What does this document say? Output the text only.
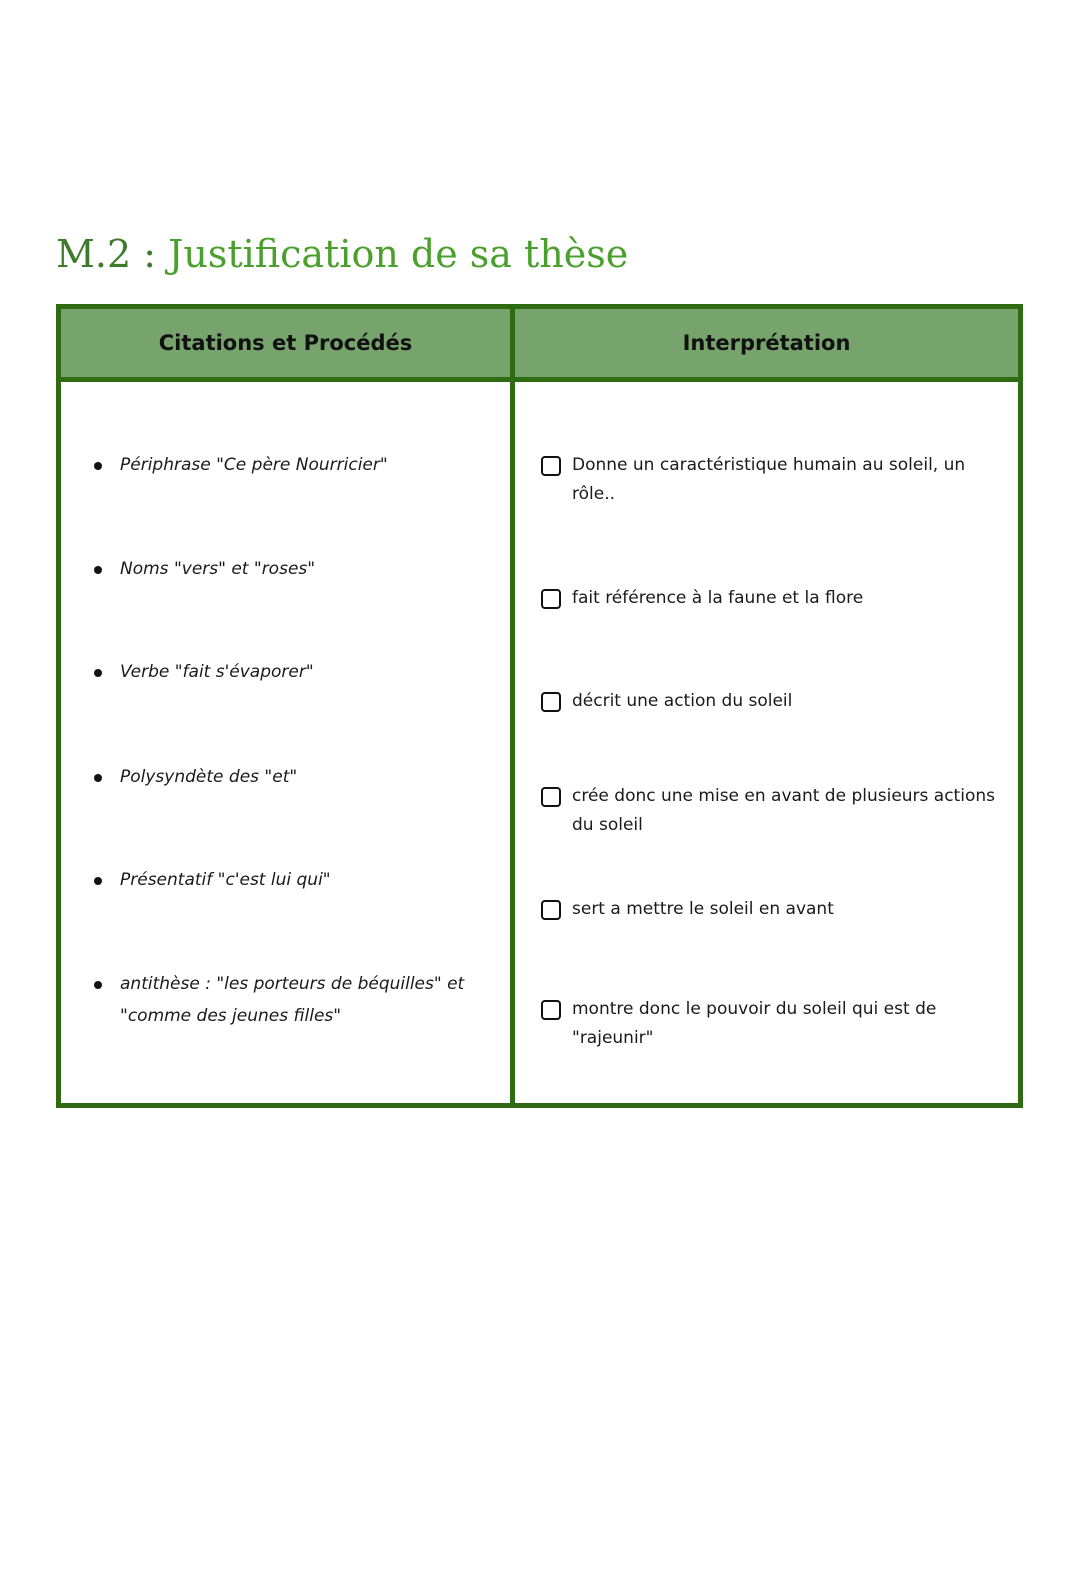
M.2 : Justification de sa thèse
Citations et Procédés	Interprétation
Périphrase "Ce père Nourricier"
Noms "vers" et "roses"
Verbe "fait s'évaporer"
Polysyndète des "et"
Présentatif "c'est lui qui"
antithèse : "les porteurs de béquilles" et "comme des jeunes filles"
Donne un caractéristique humain au soleil, un rôle..
fait référence à la faune et la flore
décrit une action du soleil
crée donc une mise en avant de plusieurs actions du soleil
sert a mettre le soleil en avant
montre donc le pouvoir du soleil qui est de "rajeunir"
